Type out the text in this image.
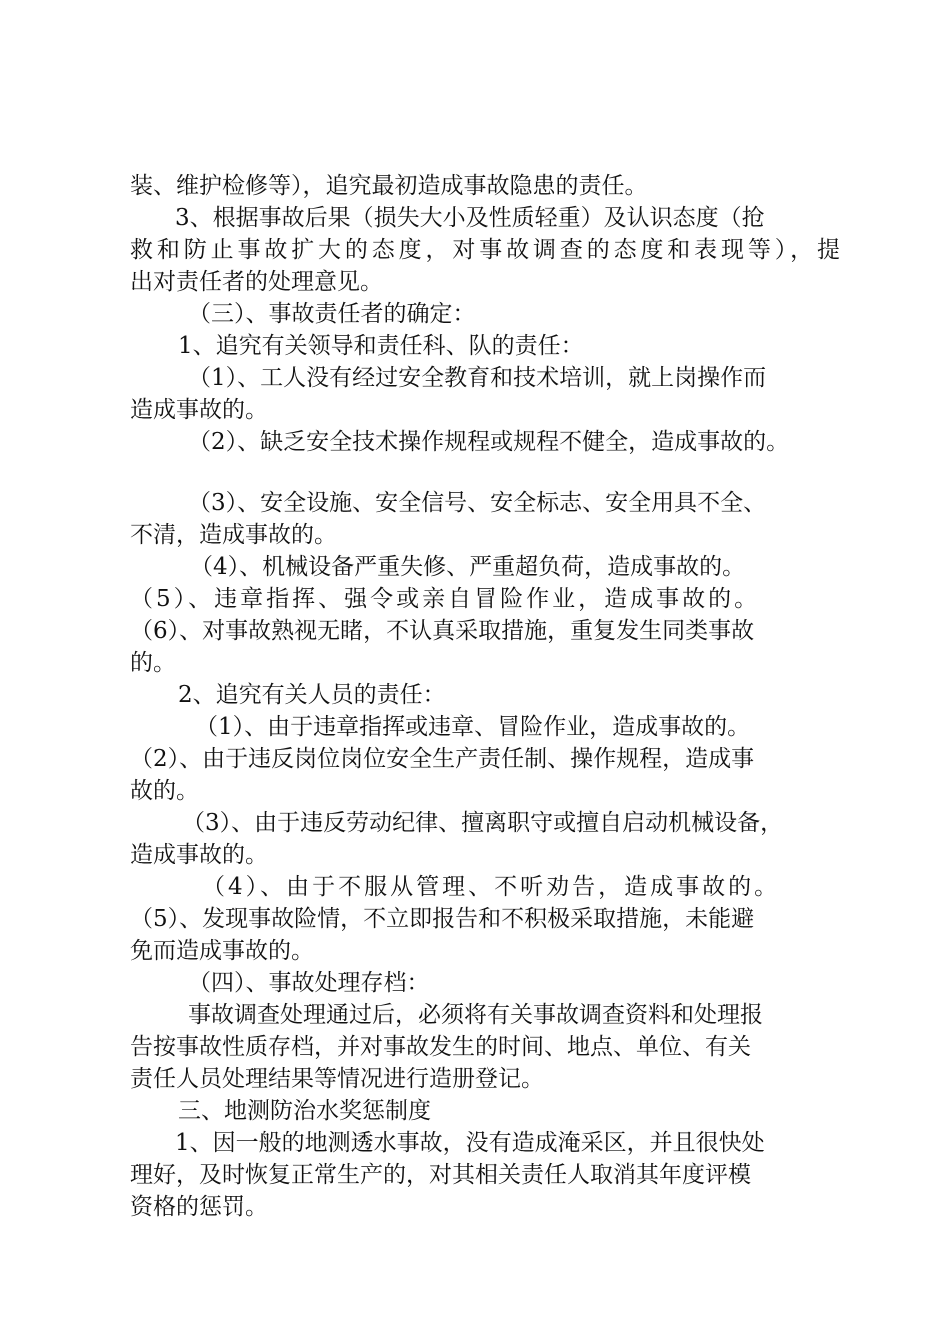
装、维护检修等），追究最初造成事故隐患的责任。
3、根据事故后果（损失大小及性质轻重）及认识态度（抢
救和防止事故扩大的态度，对事故调查的态度和表现等），提
出对责任者的处理意见。
（三）、事故责任者的确定：
1、追究有关领导和责任科、队的责任：
（1）、工人没有经过安全教育和技术培训，就上岗操作而
造成事故的。
（2）、缺乏安全技术操作规程或规程不健全，造成事故的。
（3）、安全设施、安全信号、安全标志、安全用具不全、
不清，造成事故的。
（4）、机械设备严重失修、严重超负荷，造成事故的。
（5）、违章指挥、强令或亲自冒险作业，造成事故的。
（6）、对事故熟视无睹，不认真采取措施，重复发生同类事故
的。
2、追究有关人员的责任：
（1）、由于违章指挥或违章、冒险作业，造成事故的。
（2）、由于违反岗位岗位安全生产责任制、操作规程，造成事
故的。
（3）、由于违反劳动纪律、擅离职守或擅自启动机械设备，
造成事故的。
（4）、由于不服从管理、不听劝告，造成事故的。
（5）、发现事故险情，不立即报告和不积极采取措施，未能避
免而造成事故的。
（四）、事故处理存档：
事故调查处理通过后，必须将有关事故调查资料和处理报
告按事故性质存档，并对事故发生的时间、地点、单位、有关
责任人员处理结果等情况进行造册登记。
三、地测防治水奖惩制度
1、因一般的地测透水事故，没有造成淹采区，并且很快处
理好，及时恢复正常生产的，对其相关责任人取消其年度评模
资格的惩罚。
